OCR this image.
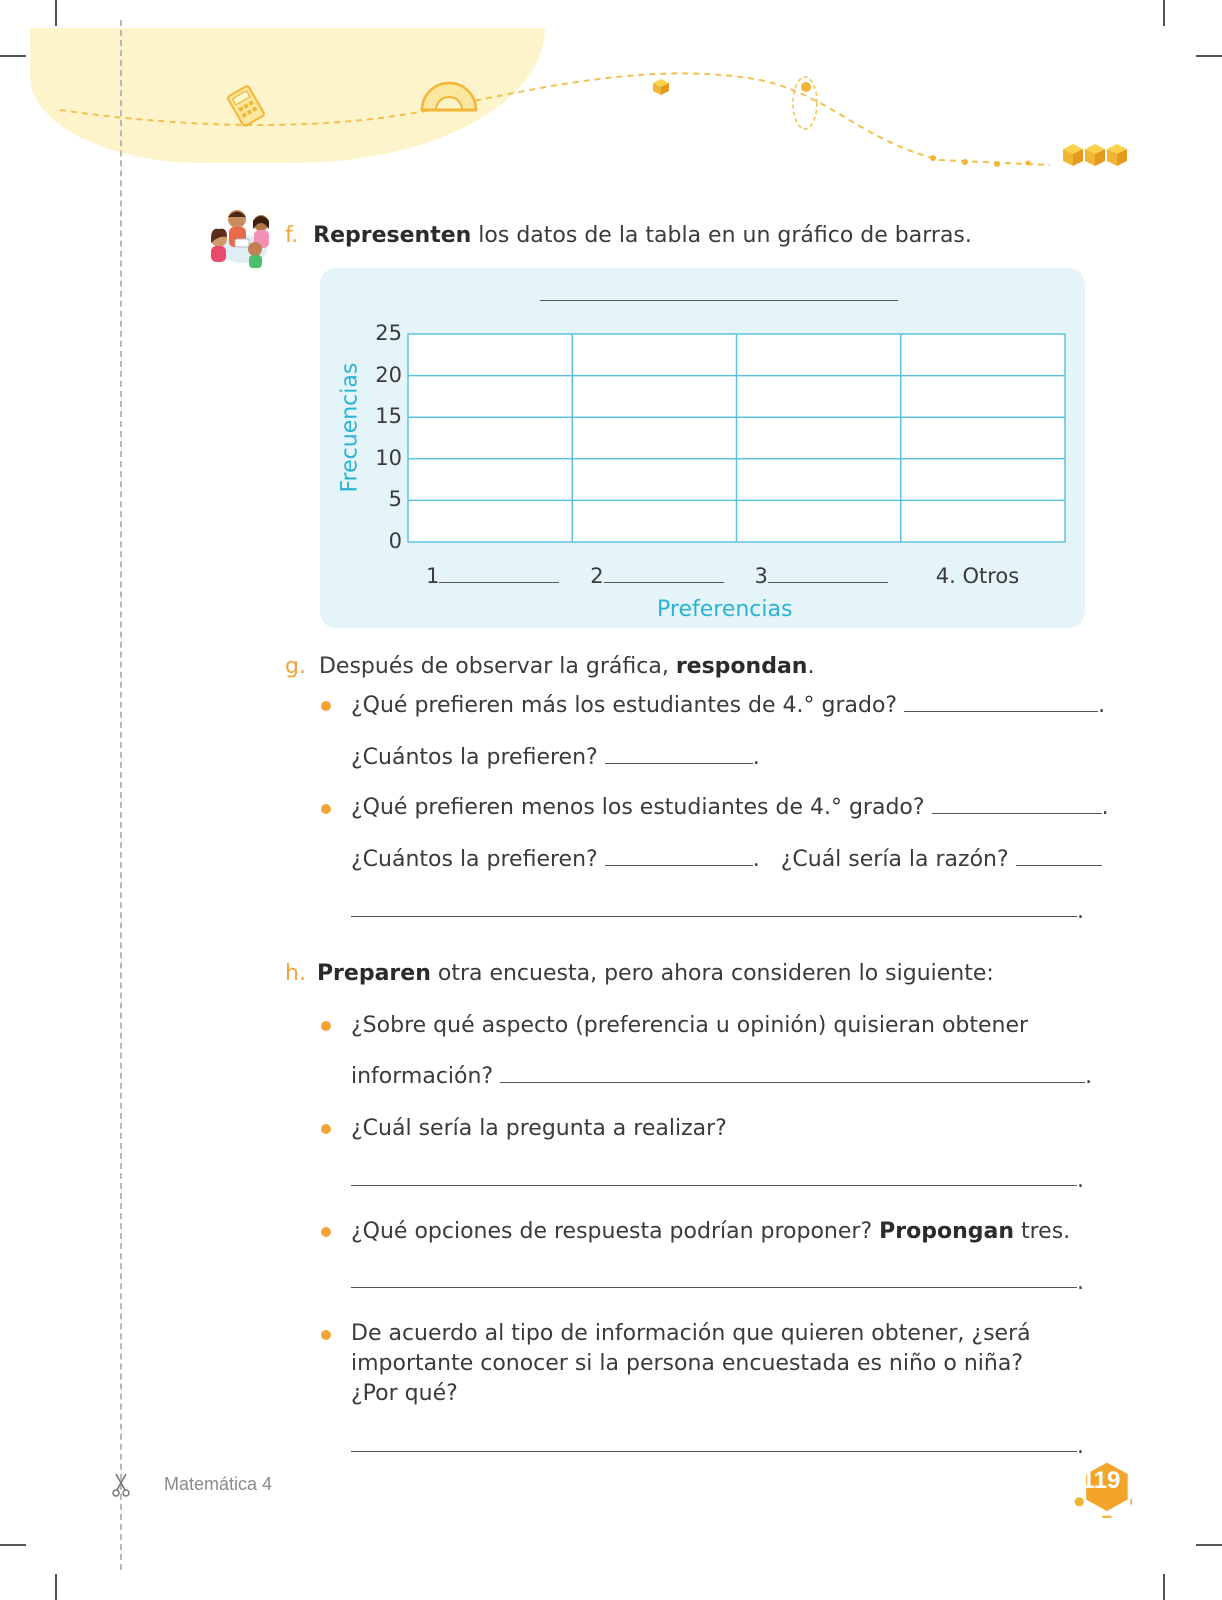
f. Representen los datos de la tabla en un gráfico de barras.
Frecuencias
25
20
15
10
5
0
1	2	3	4. Otros
Preferencias
g. Después de observar la gráfica, respondan.
¿Qué prefieren más los estudiantes de 4.° grado?	.
¿Cuántos la prefieren?	.
¿Qué prefieren menos los estudiantes de 4.° grado?	.
¿Cuántos la prefieren?	. ¿Cuál sería la razón?
.
h. Preparen otra encuesta, pero ahora consideren lo siguiente:
¿Sobre qué aspecto (preferencia u opinión) quisieran obtener
información?	.
¿Cuál sería la pregunta a realizar?
.
¿Qué opciones de respuesta podrían proponer? Propongan tres.
.
De acuerdo al tipo de información que quieren obtener, ¿será
importante conocer si la persona encuestada es niño o niña?
¿Por qué?
.
Matemática 4	119
